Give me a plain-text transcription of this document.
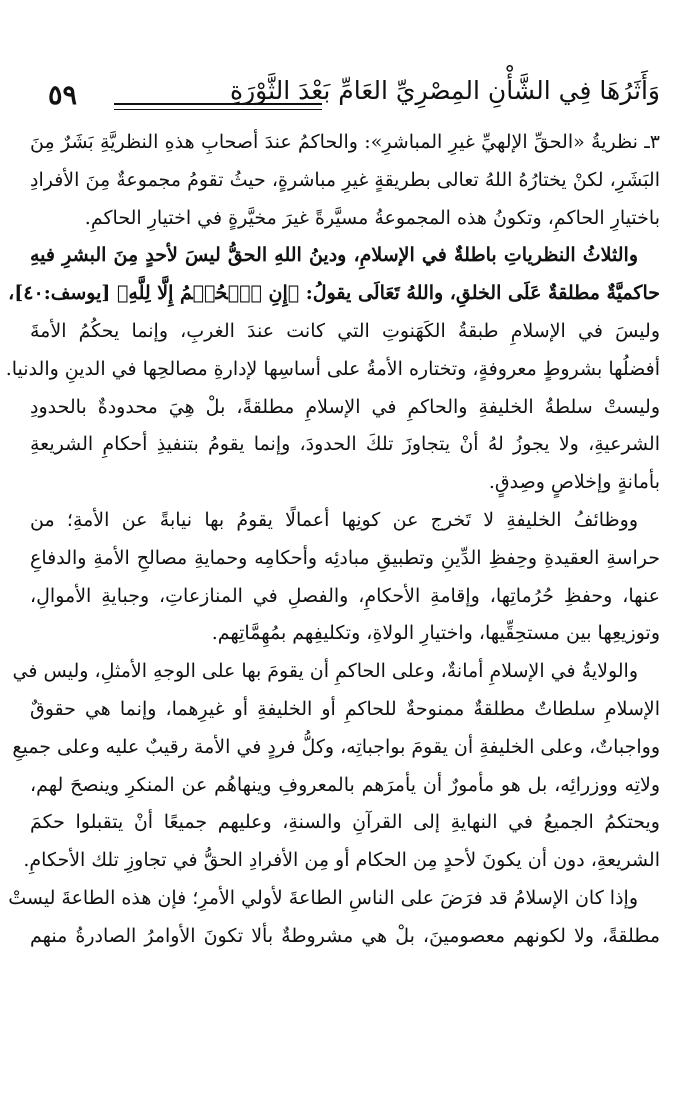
وَأَثَرُهَا فِي الشَّأْنِ المِصْرِيِّ العَامِّ بَعْدَ الثَّوْرَةِ
٥٩
٣ـ نظريةُ «الحقِّ الإلهيِّ غيرِ المباشرِ»: والحاكمُ عندَ أصحابِ هذهِ النظريَّةِ بَشَرٌ مِنَ
البَشَرِ، لكنْ يختارُهُ اللهُ تعالى بطريقةٍ غيرِ مباشرةٍ، حيثُ تقومُ مجموعةٌ مِنَ الأفرادِ
باختيارِ الحاكمِ، وتكونُ هذه المجموعةُ مسيَّرةً غيرَ مخيَّرةٍ في اختيارِ الحاكمِ.
والثلاثُ النظرياتِ باطلةٌ في الإسلامِ، ودينُ اللهِ الحقُّ ليسَ لأحدٍ مِنَ البشرِ فيهِ
حاكميَّةٌ مطلقةٌ عَلَى الخلقِ، واللهُ تَعَالَى يقولُ: ﴿إِنِ ٱلۡحُكۡمُ إِلَّا لِلَّهِ﴾ [يوسف:٤٠]،
وليسَ في الإسلامِ طبقةُ الكَهَنوتِ التي كانت عندَ الغربِ، وإنما يحكُمُ الأمةَ
أفضلُها بشروطٍ معروفةٍ، وتختاره الأمةُ على أساسِها لإدارةِ مصالحِها في الدينِ والدنيا.
وليستْ سلطةُ الخليفةِ والحاكمِ في الإسلامِ مطلقةً، بلْ هِيَ محدودةٌ بالحدودِ
الشرعيةِ، ولا يجوزُ لهُ أنْ يتجاوزَ تلكَ الحدودَ، وإنما يقومُ بتنفيذِ أحكامِ الشريعةِ
بأمانةٍ وإخلاصٍ وصِدقٍ.
ووظائفُ الخليفةِ لا تَخرج عن كونِها أعمالًا يقومُ بها نيابةً عن الأمةِ؛ من
حراسةِ العقيدةِ وحِفظِ الدِّينِ وتطبيقِ مبادئِه وأحكامِه وحمايةِ مصالحِ الأمةِ والدفاعِ
عنها، وحفظِ حُرُماتِها، وإقامةِ الأحكامِ، والفصلِ في المنازعاتِ، وجبايةِ الأموالِ،
وتوزيعِها بين مستحِقِّيها، واختيارِ الولاةِ، وتكليفِهم بمُهِمَّاتِهم.
والولايةُ في الإسلامِ أمانةٌ، وعلى الحاكمِ أن يقومَ بها على الوجهِ الأمثلِ، وليس في
الإسلامِ سلطاتٌ مطلقةٌ ممنوحةٌ للحاكمِ أو الخليفةِ أو غيرِهما، وإنما هي حقوقٌ
وواجباتٌ، وعلى الخليفةِ أن يقومَ بواجباتِه، وكلُّ فردٍ في الأمة رقيبٌ عليه وعلى جميعِ
ولاتِه ووزرائِه، بل هو مأمورٌ أن يأمرَهم بالمعروفِ وينهاهُم عن المنكرِ وينصحَ لهم،
ويحتكمُ الجميعُ في النهايةِ إلى القرآنِ والسنةِ، وعليهم جميعًا أنْ يتقبلوا حكمَ
الشريعةِ، دون أن يكونَ لأحدٍ مِن الحكام أو مِن الأفرادِ الحقُّ في تجاوزِ تلك الأحكامِ.
وإذا كان الإسلامُ قد فرَضَ على الناسِ الطاعةَ لأولي الأمرِ؛ فإن هذه الطاعةَ ليستْ
مطلقةً، ولا لكونهم معصومينَ، بلْ هي مشروطةٌ بألا تكونَ الأوامرُ الصادرةُ منهم
